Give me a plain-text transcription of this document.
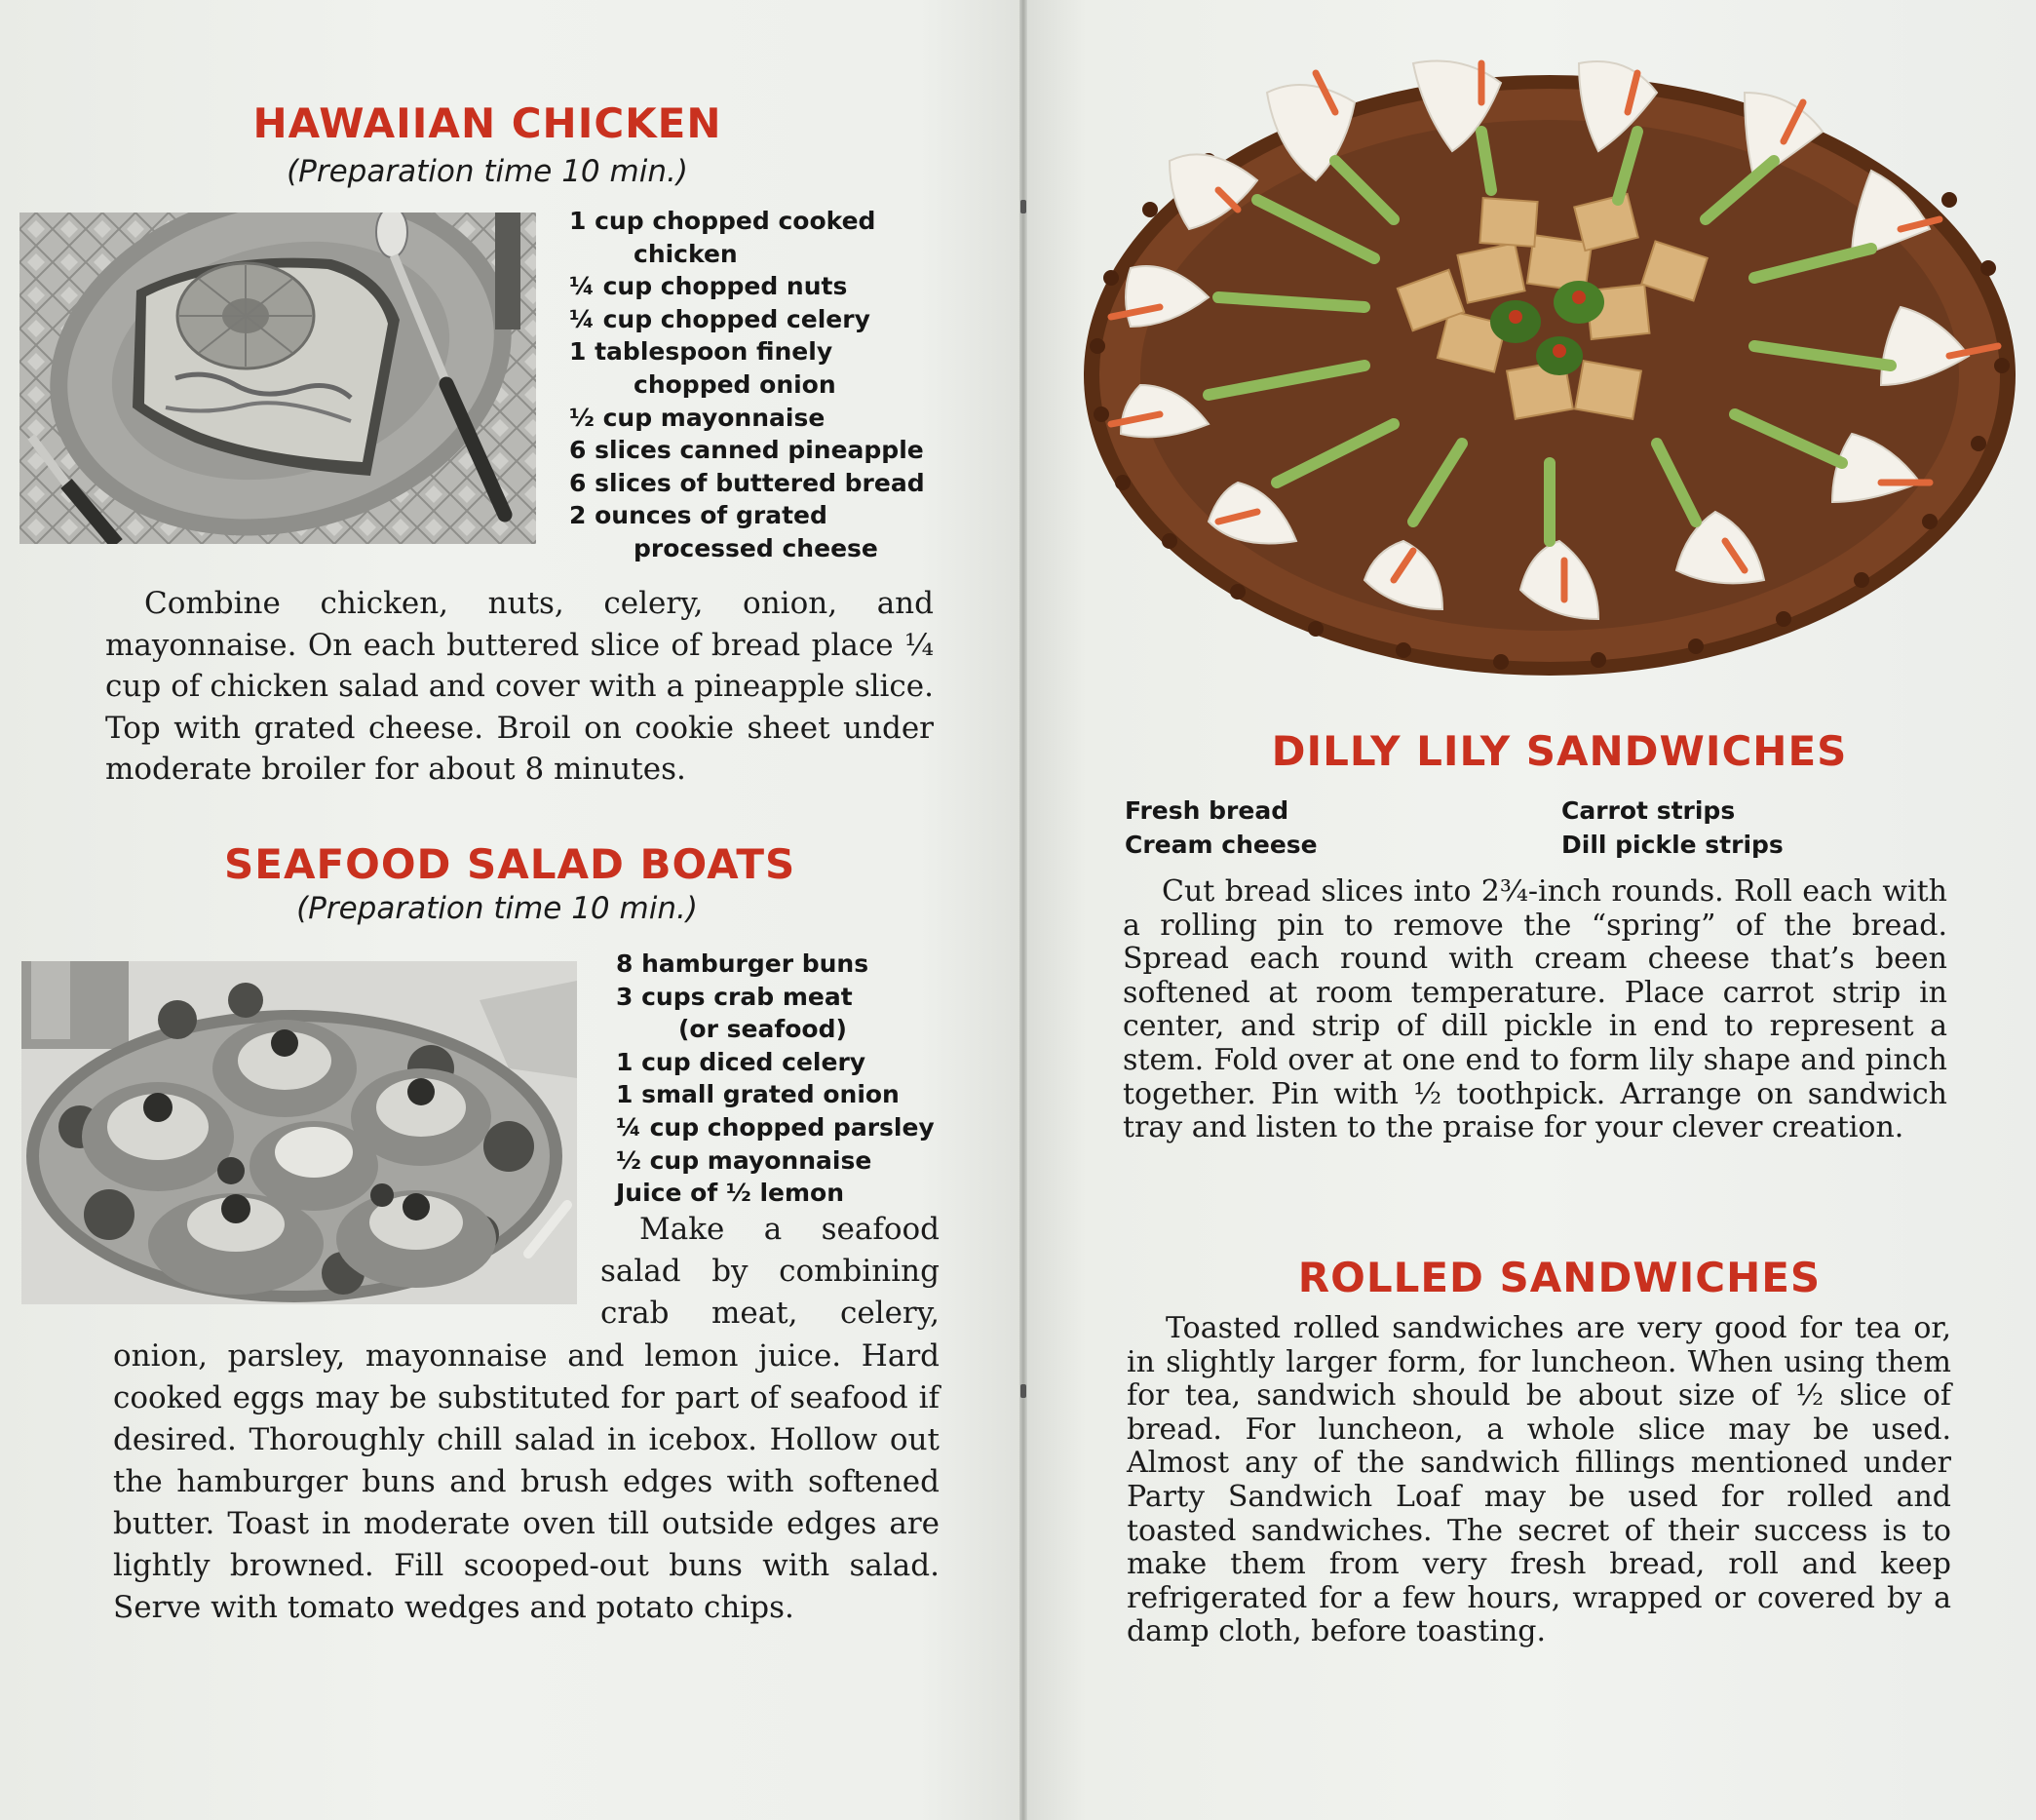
HAWAIIAN CHICKEN
(Preparation time 10 min.)
1 cup chopped cooked
chicken
¼ cup chopped nuts
¼ cup chopped celery
1 tablespoon finely
chopped onion
½ cup mayonnaise
6 slices canned pineapple
6 slices of buttered bread
2 ounces of grated
processed cheese
Combine chicken, nuts, celery, onion, and mayonnaise. On each buttered slice of bread place ¼ cup of chicken salad and cover with a pineapple slice. Top with grated cheese. Broil on cookie sheet under moderate broiler for about 8 minutes.
SEAFOOD SALAD BOATS
(Preparation time 10 min.)
8 hamburger buns
3 cups crab meat
(or seafood)
1 cup diced celery
1 small grated onion
¼ cup chopped parsley
½ cup mayonnaise
Juice of ½ lemon
Make a seafood salad by combining crab meat, celery,
onion, parsley, mayonnaise and lemon juice. Hard cooked eggs may be substituted for part of seafood if desired. Thoroughly chill salad in icebox. Hollow out the hamburger buns and brush edges with softened butter. Toast in moderate oven till outside edges are lightly browned. Fill scooped-out buns with salad. Serve with tomato wedges and potato chips.
DILLY LILY SANDWICHES
Fresh bread
Cream cheese
Carrot strips
Dill pickle strips
Cut bread slices into 2¾-inch rounds. Roll each with a rolling pin to remove the “spring” of the bread. Spread each round with cream cheese that’s been softened at room temperature. Place carrot strip in center, and strip of dill pickle in end to represent a stem. Fold over at one end to form lily shape and pinch together. Pin with ½ toothpick. Arrange on sandwich tray and listen to the praise for your clever creation.
ROLLED SANDWICHES
Toasted rolled sandwiches are very good for tea or, in slightly larger form, for luncheon. When using them for tea, sandwich should be about size of ½ slice of bread. For luncheon, a whole slice may be used. Almost any of the sandwich fillings mentioned under Party Sandwich Loaf may be used for rolled and toasted sandwiches. The secret of their success is to make them from very fresh bread, roll and keep refrigerated for a few hours, wrapped or covered by a damp cloth, before toasting.
